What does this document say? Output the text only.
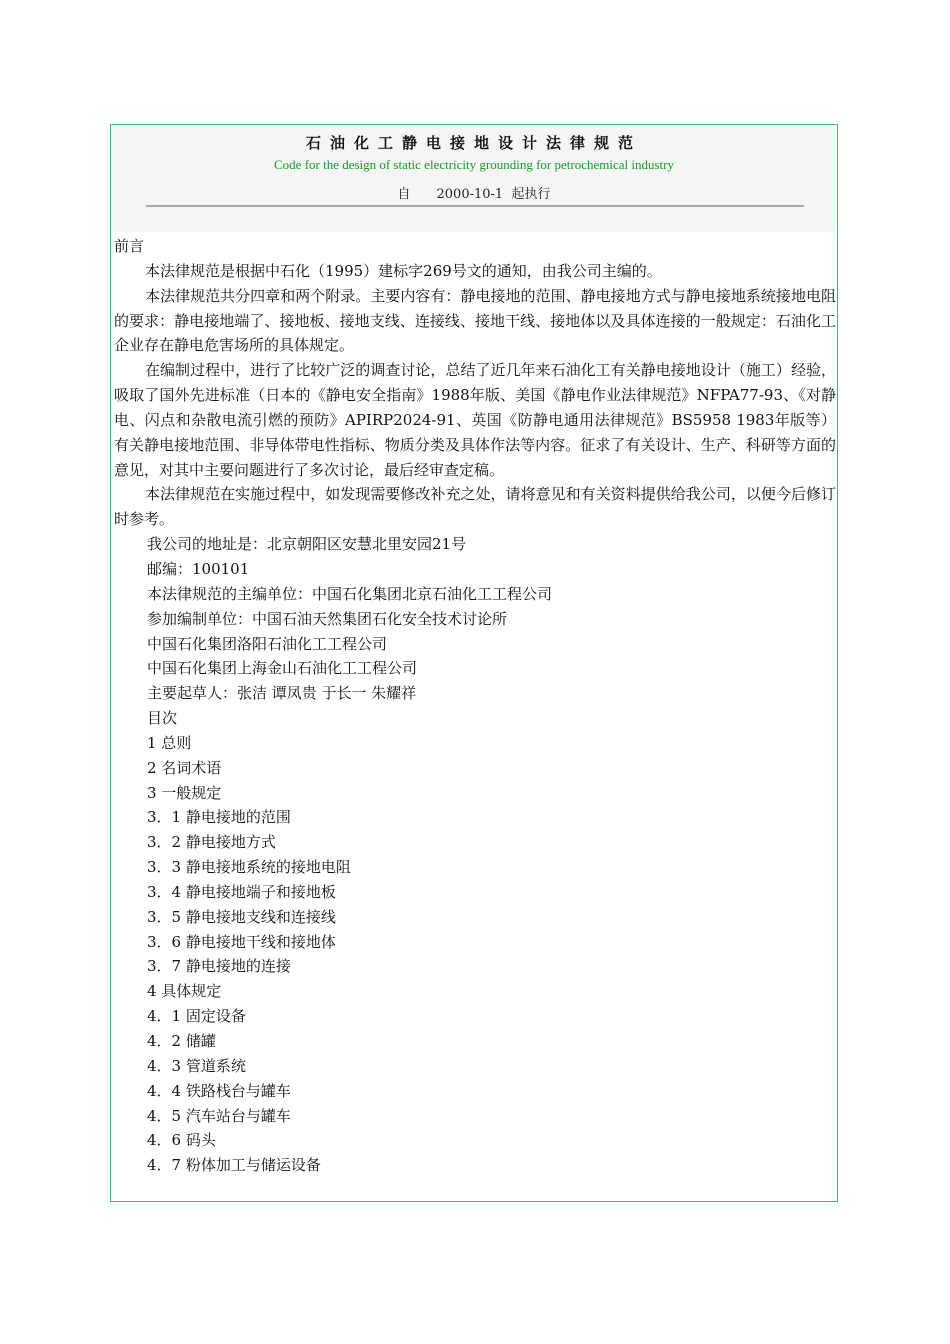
石油化工静电接地设计法律规范
Code for the design of static electricity grounding for petrochemical industry
自 2000-10-1 起执行

前言

本法律规范是根据中石化（1995）建标字269号文的通知，由我公司主编的。

本法律规范共分四章和两个附录。主要内容有：静电接地的范围、静电接地方式与静电接地系统接地电阻的要求：静电接地端了、接地板、接地支线、连接线、接地干线、接地体以及具体连接的一般规定：石油化工企业存在静电危害场所的具体规定。

在编制过程中，进行了比较广泛的调查讨论，总结了近几年来石油化工有关静电接地设计（施工）经验，吸取了国外先进标准（日本的《静电安全指南》1988年版、美国《静电作业法律规范》NFPA77-93、《对静电、闪点和杂散电流引燃的预防》APIRP2024-91、英国《防静电通用法律规范》BS5958 1983年版等）有关静电接地范围、非导体带电性指标、物质分类及具体作法等内容。征求了有关设计、生产、科研等方面的意见，对其中主要问题进行了多次讨论，最后经审查定稿。

本法律规范在实施过程中，如发现需要修改补充之处，请将意见和有关资料提供给我公司，以便今后修订时参考。

我公司的地址是：北京朝阳区安慧北里安园21号

邮编：100101

本法律规范的主编单位：中国石化集团北京石油化工工程公司

参加编制单位：中国石油天然集团石化安全技术讨论所

中国石化集团洛阳石油化工工程公司

中国石化集团上海金山石油化工工程公司

主要起草人：张洁 谭凤贵 于长一 朱耀祥

目次

1 总则

2 名词术语

3 一般规定

3．1 静电接地的范围

3．2 静电接地方式

3．3 静电接地系统的接地电阻

3．4 静电接地端子和接地板

3．5 静电接地支线和连接线

3．6 静电接地干线和接地体

3．7 静电接地的连接

4 具体规定

4．1 固定设备

4．2 储罐

4．3 管道系统

4．4 铁路栈台与罐车

4．5 汽车站台与罐车

4．6 码头

4．7 粉体加工与储运设备
